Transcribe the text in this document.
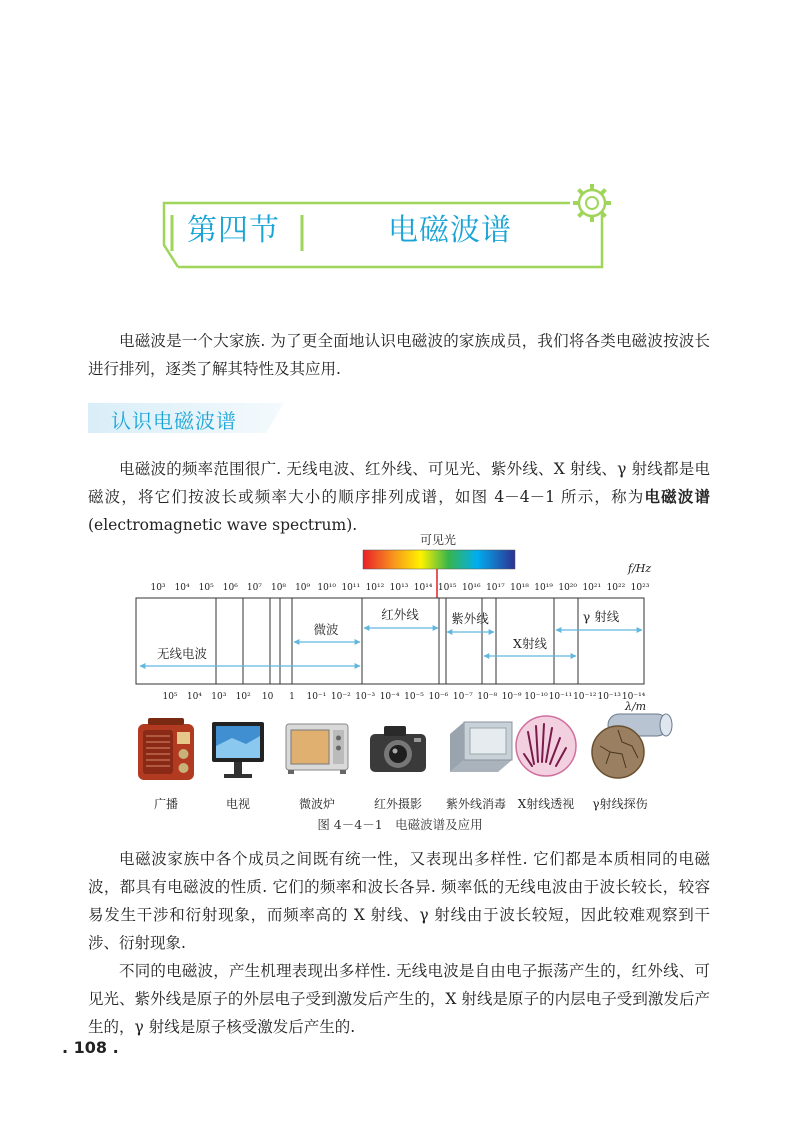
第四节	电磁波谱

电磁波是一个大家族. 为了更全面地认识电磁波的家族成员，我们将各类电磁波按波长进行排列，逐类了解其特性及其应用.

认识电磁波谱

电磁波的频率范围很广. 无线电波、红外线、可见光、紫外线、X 射线、γ 射线都是电磁波，将它们按波长或频率大小的顺序排列成谱，如图 4－4－1 所示，称为电磁波谱(electromagnetic wave spectrum).

可见光
f/Hz
λ/m
10³ 10⁴ 10⁵ 10⁶ 10⁷ 10⁸ 10⁹ 10¹⁰ 10¹¹ 10¹² 10¹³ 10¹⁴ 10¹⁵ 10¹⁶ 10¹⁷ 10¹⁸ 10¹⁹ 10²⁰ 10²¹ 10²² 10²³
10⁵ 10⁴ 10³ 10² 10 1 10⁻¹ 10⁻² 10⁻³ 10⁻⁴ 10⁻⁵ 10⁻⁶ 10⁻⁷ 10⁻⁸ 10⁻⁹ 10⁻¹⁰ 10⁻¹¹ 10⁻¹² 10⁻¹³ 10⁻¹⁴
无线电波
微波
红外线	紫外线
X射线
γ 射线
广播	电视	微波炉	红外摄影 紫外线消毒 X射线透视 γ射线探伤
图 4－4－1　电磁波谱及应用

电磁波家族中各个成员之间既有统一性，又表现出多样性. 它们都是本质相同的电磁波，都具有电磁波的性质. 它们的频率和波长各异. 频率低的无线电波由于波长较长，较容易发生干涉和衍射现象，而频率高的 X 射线、γ 射线由于波长较短，因此较难观察到干涉、衍射现象.

不同的电磁波，产生机理表现出多样性. 无线电波是自由电子振荡产生的，红外线、可见光、紫外线是原子的外层电子受到激发后产生的，X 射线是原子的内层电子受到激发后产生的，γ 射线是原子核受激发后产生的.

. 108 .
